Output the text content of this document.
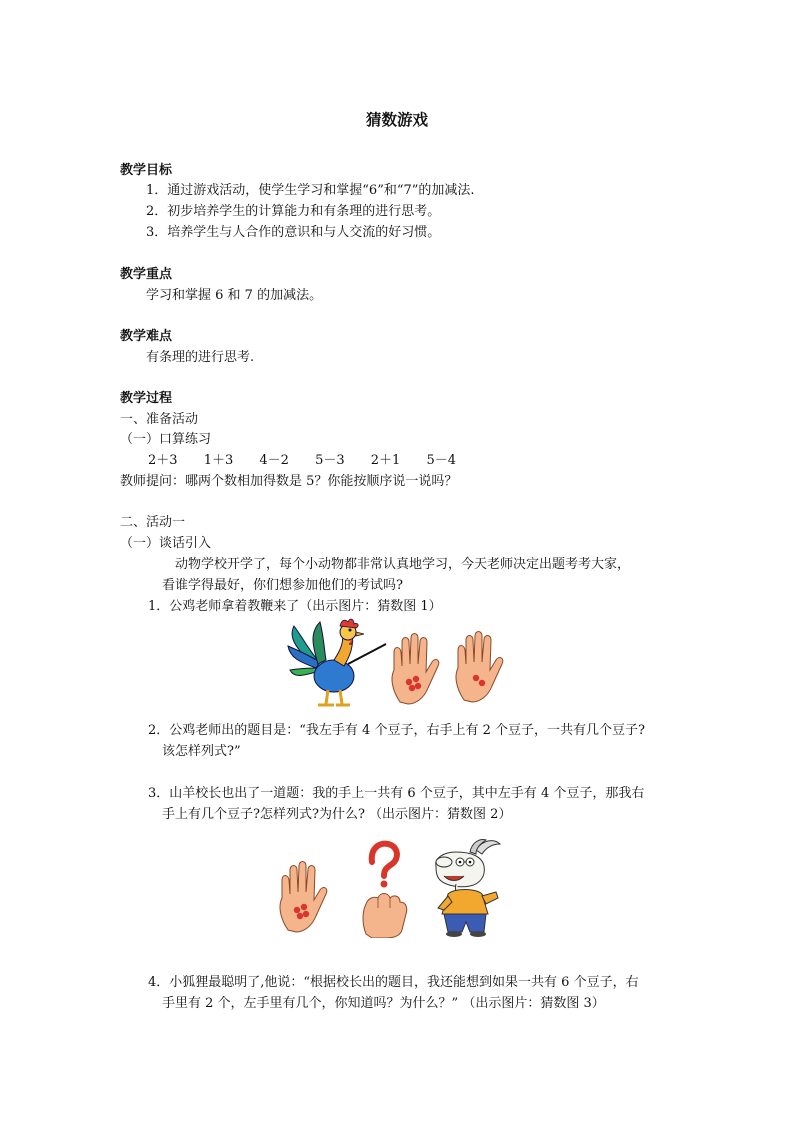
猜数游戏
教学目标
1．通过游戏活动，使学生学习和掌握“6”和“7”的加减法.
2．初步培养学生的计算能力和有条理的进行思考。
3．培养学生与人合作的意识和与人交流的好习惯。
教学重点
学习和掌握 6 和 7 的加减法。
教学难点
有条理的进行思考.
教学过程
一、准备活动
（一）口算练习
2＋3 1＋3 4－2 5－3 2＋1 5－4
教师提问：哪两个数相加得数是 5？你能按顺序说一说吗？
二、活动一
（一）谈话引入
动物学校开学了，每个小动物都非常认真地学习，今天老师决定出题考考大家，
看谁学得最好，你们想参加他们的考试吗?
1．公鸡老师拿着教鞭来了（出示图片：猜数图 1）
2．公鸡老师出的题目是：“我左手有 4 个豆子，右手上有 2 个豆子，一共有几个豆子?
该怎样列式?”
3．山羊校长也出了一道题：我的手上一共有 6 个豆子，其中左手有 4 个豆子，那我右
手上有几个豆子?怎样列式?为什么? （出示图片：猜数图 2）
4．小狐狸最聪明了,他说：“根据校长出的题目，我还能想到如果一共有 6 个豆子，右
手里有 2 个，左手里有几个，你知道吗？为什么？” （出示图片：猜数图 3）
